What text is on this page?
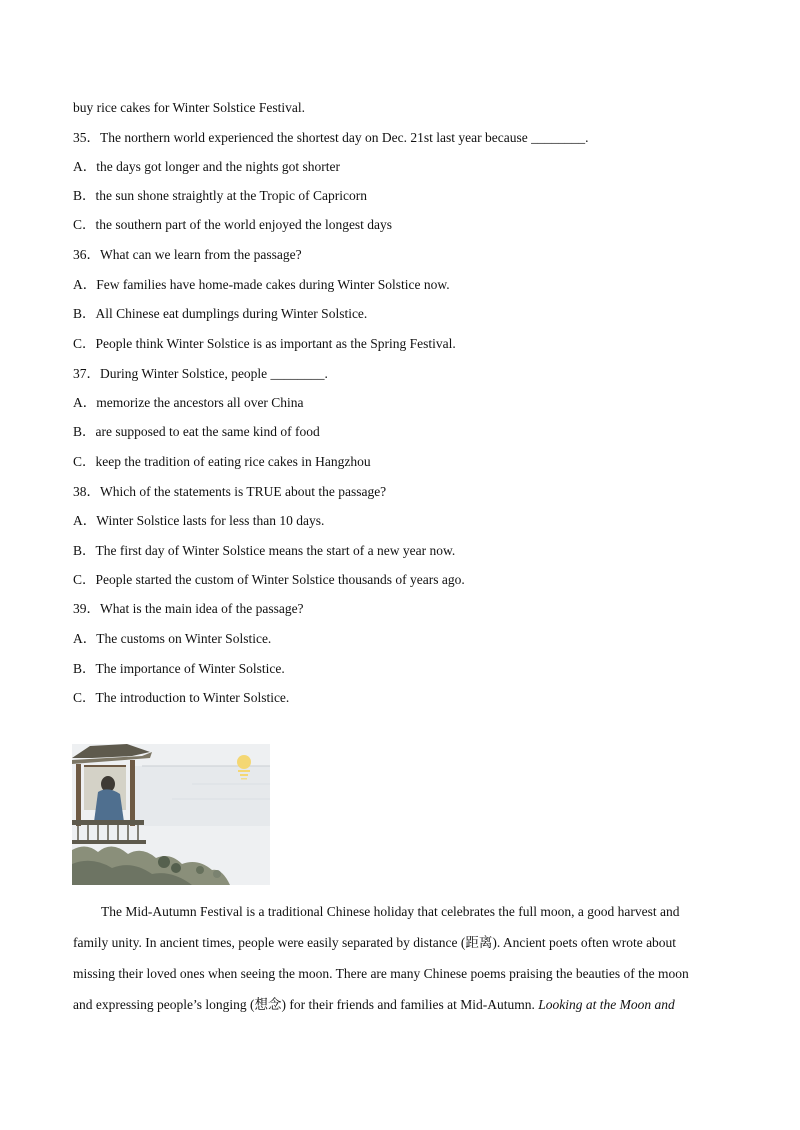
buy rice cakes for Winter Solstice Festival.
35．The northern world experienced the shortest day on Dec. 21st last year because ________.
A．the days got longer and the nights got shorter
B．the sun shone straightly at the Tropic of Capricorn
C．the southern part of the world enjoyed the longest days
36．What can we learn from the passage?
A．Few families have home-made cakes during Winter Solstice now.
B．All Chinese eat dumplings during Winter Solstice.
C．People think Winter Solstice is as important as the Spring Festival.
37．During Winter Solstice, people ________.
A．memorize the ancestors all over China
B．are supposed to eat the same kind of food
C．keep the tradition of eating rice cakes in Hangzhou
38．Which of the statements is TRUE about the passage?
A．Winter Solstice lasts for less than 10 days.
B．The first day of Winter Solstice means the start of a new year now.
C．People started the custom of Winter Solstice thousands of years ago.
39．What is the main idea of the passage?
A．The customs on Winter Solstice.
B．The importance of Winter Solstice.
C．The introduction to Winter Solstice.
The Mid-Autumn Festival is a traditional Chinese holiday that celebrates the full moon, a good harvest and
family unity. In ancient times, people were easily separated by distance (距离). Ancient poets often wrote about
missing their loved ones when seeing the moon. There are many Chinese poems praising the beauties of the moon
and expressing people’s longing (想念) for their friends and families at Mid-Autumn. Looking at the Moon and
